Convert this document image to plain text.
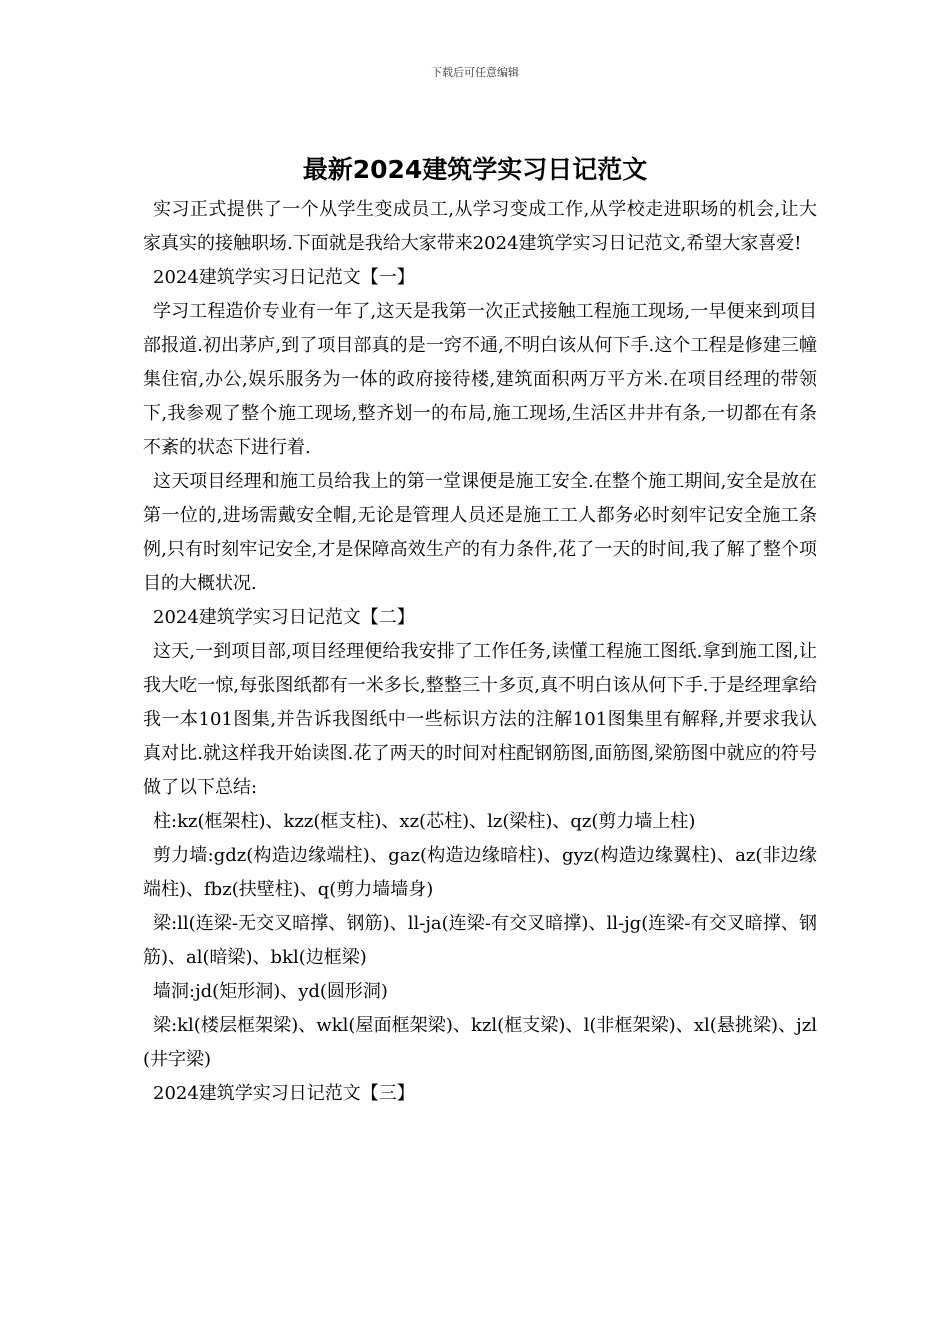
下载后可任意编辑
最新2024建筑学实习日记范文

实习正式提供了一个从学生变成员工,从学习变成工作,从学校走进职场的机会,让大家真实的接触职场.下面就是我给大家带来2024建筑学实习日记范文,希望大家喜爱!

2024建筑学实习日记范文【一】

学习工程造价专业有一年了,这天是我第一次正式接触工程施工现场,一早便来到项目部报道.初出茅庐,到了项目部真的是一窍不通,不明白该从何下手.这个工程是修建三幢集住宿,办公,娱乐服务为一体的政府接待楼,建筑面积两万平方米.在项目经理的带领下,我参观了整个施工现场,整齐划一的布局,施工现场,生活区井井有条,一切都在有条不紊的状态下进行着.

这天项目经理和施工员给我上的第一堂课便是施工安全.在整个施工期间,安全是放在第一位的,进场需戴安全帽,无论是管理人员还是施工工人都务必时刻牢记安全施工条例,只有时刻牢记安全,才是保障高效生产的有力条件,花了一天的时间,我了解了整个项目的大概状况.

2024建筑学实习日记范文【二】

这天,一到项目部,项目经理便给我安排了工作任务,读懂工程施工图纸.拿到施工图,让我大吃一惊,每张图纸都有一米多长,整整三十多页,真不明白该从何下手.于是经理拿给我一本101图集,并告诉我图纸中一些标识方法的注解101图集里有解释,并要求我认真对比.就这样我开始读图.花了两天的时间对柱配钢筋图,面筋图,梁筋图中就应的符号做了以下总结:

柱:kz(框架柱)、kzz(框支柱)、xz(芯柱)、lz(梁柱)、qz(剪力墙上柱)

剪力墙:gdz(构造边缘端柱)、gaz(构造边缘暗柱)、gyz(构造边缘翼柱)、az(非边缘端柱)、fbz(扶壁柱)、q(剪力墙墙身)

梁:ll(连梁-无交叉暗撑、钢筋)、ll-ja(连梁-有交叉暗撑)、ll-jg(连梁-有交叉暗撑、钢筋)、al(暗梁)、bkl(边框梁)

墙洞:jd(矩形洞)、yd(圆形洞)

梁:kl(楼层框架梁)、wkl(屋面框架梁)、kzl(框支梁)、l(非框架梁)、xl(悬挑梁)、jzl(井字梁)

2024建筑学实习日记范文【三】
